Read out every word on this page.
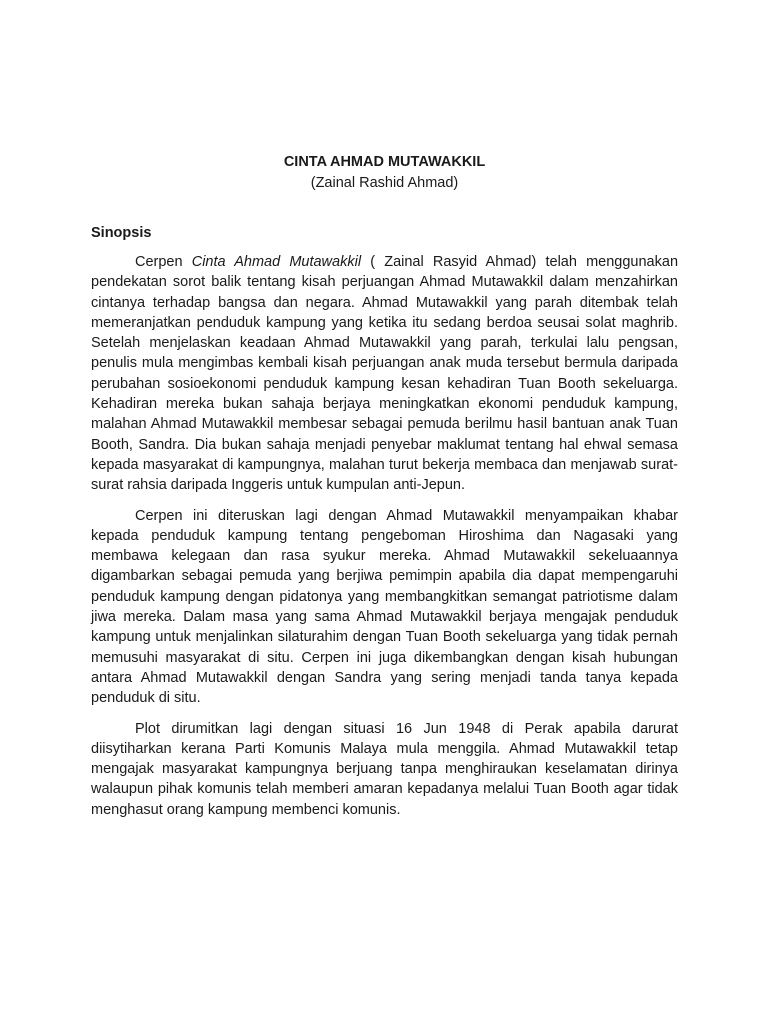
CINTA AHMAD MUTAWAKKIL

(Zainal Rashid Ahmad)

Sinopsis

Cerpen Cinta Ahmad Mutawakkil ( Zainal Rasyid Ahmad) telah menggunakan pendekatan sorot balik tentang kisah perjuangan Ahmad Mutawakkil dalam menzahirkan cintanya terhadap bangsa dan negara. Ahmad Mutawakkil yang parah ditembak telah memeranjatkan penduduk kampung yang ketika itu sedang berdoa seusai solat maghrib. Setelah menjelaskan keadaan Ahmad Mutawakkil yang parah, terkulai lalu pengsan, penulis mula mengimbas kembali kisah perjuangan anak muda tersebut bermula daripada perubahan sosioekonomi penduduk kampung kesan kehadiran Tuan Booth sekeluarga. Kehadiran mereka bukan sahaja berjaya meningkatkan ekonomi penduduk kampung, malahan Ahmad Mutawakkil membesar sebagai pemuda berilmu hasil bantuan anak Tuan Booth, Sandra. Dia bukan sahaja menjadi penyebar maklumat tentang hal ehwal semasa kepada masyarakat di kampungnya, malahan turut bekerja membaca dan menjawab surat-surat rahsia daripada Inggeris untuk kumpulan anti-Jepun.

Cerpen ini diteruskan lagi dengan Ahmad Mutawakkil menyampaikan khabar kepada penduduk kampung tentang pengeboman Hiroshima dan Nagasaki yang membawa kelegaan dan rasa syukur mereka. Ahmad Mutawakkil sekeluaannya digambarkan sebagai pemuda yang berjiwa pemimpin apabila dia dapat mempengaruhi penduduk kampung dengan pidatonya yang membangkitkan semangat patriotisme dalam jiwa mereka. Dalam masa yang sama Ahmad Mutawakkil berjaya mengajak penduduk kampung untuk menjalinkan silaturahim dengan Tuan Booth sekeluarga yang tidak pernah memusuhi masyarakat di situ. Cerpen ini juga dikembangkan dengan kisah hubungan antara Ahmad Mutawakkil dengan Sandra yang sering menjadi tanda tanya kepada penduduk di situ.

Plot dirumitkan lagi dengan situasi 16 Jun 1948 di Perak apabila darurat diisytiharkan kerana Parti Komunis Malaya mula menggila. Ahmad Mutawakkil tetap mengajak masyarakat kampungnya berjuang tanpa menghiraukan keselamatan dirinya walaupun pihak komunis telah memberi amaran kepadanya melalui Tuan Booth agar tidak menghasut orang kampung membenci komunis.
